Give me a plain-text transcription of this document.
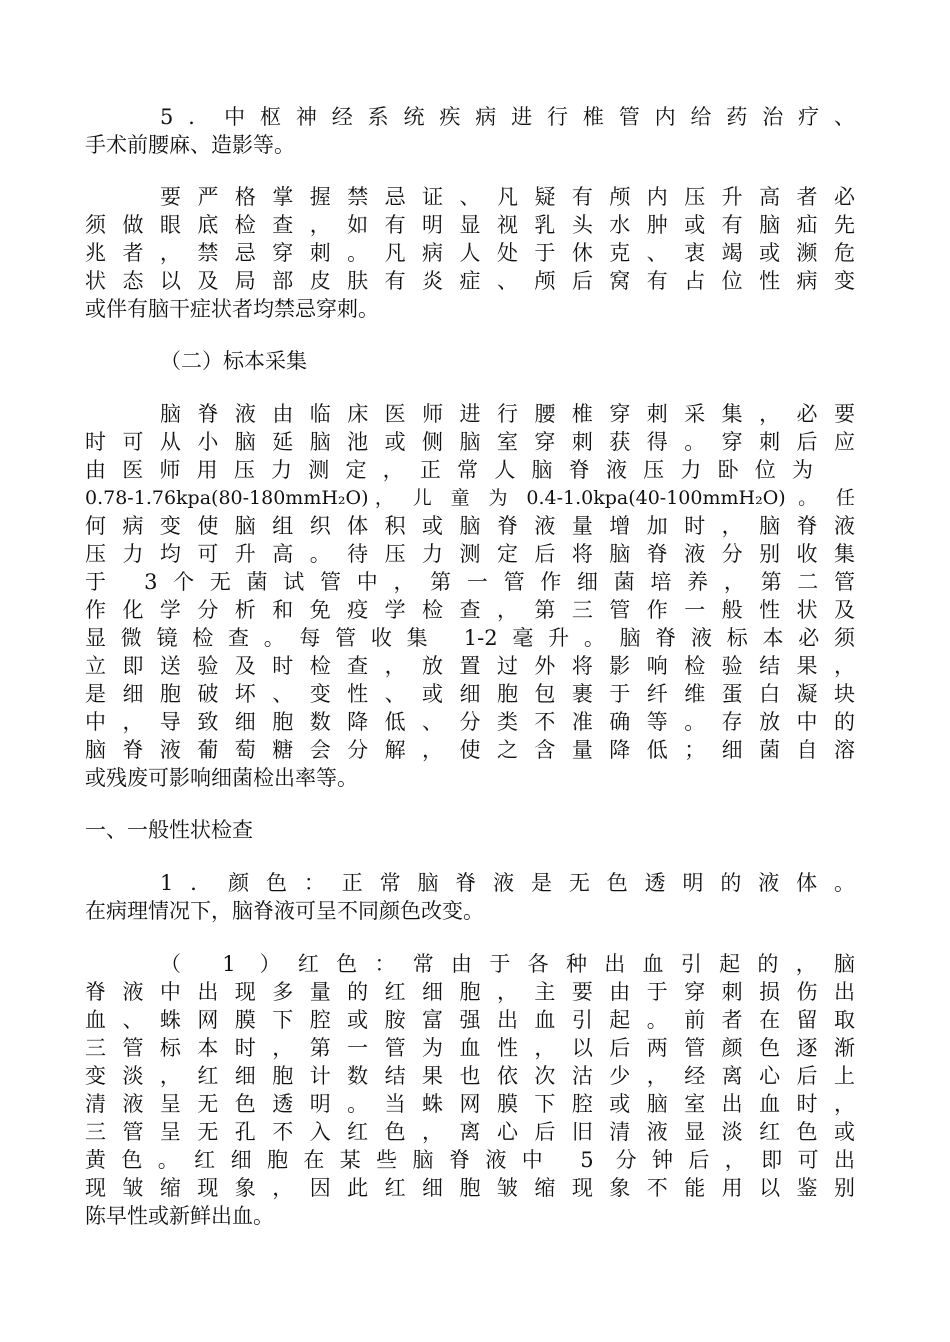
5．中枢神经系统疾病进行椎管内给药治疗、
手术前腰麻、造影等。
要严格掌握禁忌证、凡疑有颅内压升高者必
须做眼底检查，如有明显视乳头水肿或有脑疝先
兆者，禁忌穿刺。凡病人处于休克、衷竭或濒危
状态以及局部皮肤有炎症、颅后窝有占位性病变
或伴有脑干症状者均禁忌穿刺。
（二）标本采集
脑脊液由临床医师进行腰椎穿刺采集，必要
时可从小脑延脑池或侧脑室穿刺获得。穿刺后应
由医师用压力测定，正常人脑脊液压力卧位为
0.78-1.76kpa(80-180mmH₂O)， 儿 童 为 0.4-1.0kpa(40-100mmH₂O) 。 任
何病变使脑组织体积或脑脊液量增加时，脑脊液
压力均可升高。待压力测定后将脑脊液分别收集
于 3个无菌试管中，第一管作细菌培养，第二管
作化学分析和免疫学检查，第三管作一般性状及
显微镜检查。每管收集 1-2毫升。脑脊液标本必须
立即送验及时检查，放置过外将影响检验结果，
是细胞破坏、变性、或细胞包裹于纤维蛋白凝块
中，导致细胞数降低、分类不准确等。存放中的
脑脊液葡萄糖会分解，使之含量降低；细菌自溶
或残废可影响细菌检出率等。
一、一般性状检查
1．颜色：正常脑脊液是无色透明的液体。
在病理情况下，脑脊液可呈不同颜色改变。
（ 1 ）红色：常由于各种出血引起的，脑
脊液中出现多量的红细胞，主要由于穿刺损伤出
血、蛛网膜下腔或胺富强出血引起。前者在留取
三管标本时，第一管为血性，以后两管颜色逐渐
变淡，红细胞计数结果也依次沽少，经离心后上
清液呈无色透明。当蛛网膜下腔或脑室出血时，
三管呈无孔不入红色，离心后旧清液显淡红色或
黄色。红细胞在某些脑脊液中 5 分钟后，即可出
现皱缩现象，因此红细胞皱缩现象不能用以鉴别
陈早性或新鲜出血。
